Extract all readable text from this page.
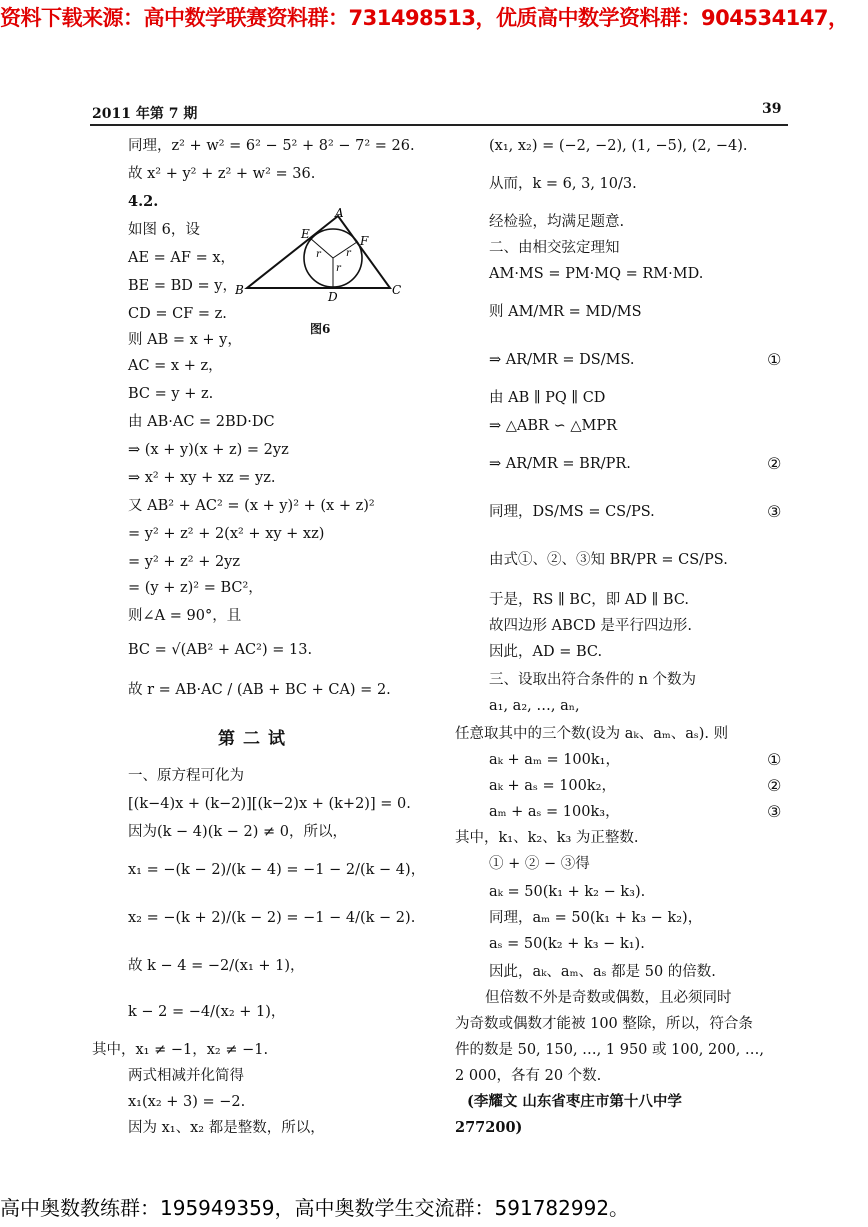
资料下载来源：高中数学联赛资料群：731498513，优质高中数学资料群：904534147，
2011 年第 7 期	39
B
A
C
D
E	F
r
r
r
图6
同理，z² + w² = 6² − 5² + 8² − 7² = 26.
故 x² + y² + z² + w² = 36.
4.2.
如图 6，设
AE = AF = x，
BE = BD = y，
CD = CF = z.
则 AB = x + y，
AC = x + z，
BC = y + z.
由 AB·AC = 2BD·DC
⇒ (x + y)(x + z) = 2yz
⇒ x² + xy + xz = yz.
又 AB² + AC² = (x + y)² + (x + z)²
= y² + z² + 2(x² + xy + xz)
= y² + z² + 2yz
= (y + z)² = BC²，
则∠A = 90°，且
BC = √(AB² + AC²) = 13.
故 r = AB·AC / (AB + BC + CA) = 2.
第二试
一、原方程可化为
[(k−4)x + (k−2)][(k−2)x + (k+2)] = 0.
因为(k − 4)(k − 2) ≠ 0，所以，
x₁ = −(k − 2)/(k − 4) = −1 − 2/(k − 4)，
x₂ = −(k + 2)/(k − 2) = −1 − 4/(k − 2).
故 k − 4 = −2/(x₁ + 1)，
k − 2 = −4/(x₂ + 1)，
其中，x₁ ≠ −1，x₂ ≠ −1.
两式相减并化简得
x₁(x₂ + 3) = −2.
因为 x₁、x₂ 都是整数，所以，
(x₁, x₂) = (−2, −2), (1, −5), (2, −4).
从而，k = 6, 3, 10/3.
经检验，均满足题意.
二、由相交弦定理知
AM·MS = PM·MQ = RM·MD.
则 AM/MR = MD/MS
⇒ AR/MR = DS/MS.	①
由 AB ∥ PQ ∥ CD
⇒ △ABR ∽ △MPR
⇒ AR/MR = BR/PR.	②
同理，DS/MS = CS/PS.	③
由式①、②、③知 BR/PR = CS/PS.
于是，RS ∥ BC，即 AD ∥ BC.
故四边形 ABCD 是平行四边形.
因此，AD = BC.
三、设取出符合条件的 n 个数为
a₁, a₂, …, aₙ,
任意取其中的三个数(设为 aₖ、aₘ、aₛ). 则
aₖ + aₘ = 100k₁，	①
aₖ + aₛ = 100k₂，	②
aₘ + aₛ = 100k₃，	③
其中，k₁、k₂、k₃ 为正整数.
① + ② − ③得
aₖ = 50(k₁ + k₂ − k₃).
同理，aₘ = 50(k₁ + k₃ − k₂)，
aₛ = 50(k₂ + k₃ − k₁).
因此，aₖ、aₘ、aₛ 都是 50 的倍数.
但倍数不外是奇数或偶数，且必须同时
为奇数或偶数才能被 100 整除，所以，符合条
件的数是 50, 150, …, 1 950 或 100, 200, …,
2 000，各有 20 个数.
(李耀文 山东省枣庄市第十八中学
277200)
高中奥数教练群：195949359，高中奥数学生交流群：591782992。
